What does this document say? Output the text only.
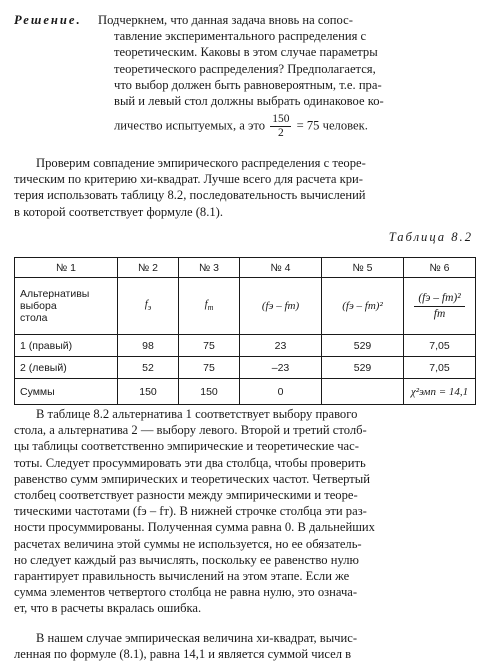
Решение. Подчеркнем, что данная задача вновь на сопос-
тавление экспериментального распределения с
теоретическим. Каковы в этом случае параметры
теоретического распределения? Предполагается,
что выбор должен быть равновероятным, т.е. пра-
вый и левый стол должны выбрать одинаковое ко-
личество испытуемых, а это $\frac{150}{2} = 75$ человек.
Проверим совпадение эмпирического распределения с теоре-
тическим по критерию хи-квадрат. Лучше всего для расчета кри-
терия использовать таблицу 8.2, последовательность вычислений
в которой соответствует формуле (8.1).
Таблица 8.2
№ 1	№ 2	№ 3	№ 4	№ 5	№ 6

Альтернативы
выбора
стола	$f_э$	$f_т$	(fэ – fт)	(fэ – fт)²	(fэ – fт)²
fт

1 (правый)	98	75	23	529	7,05
2 (левый)	52	75	–23	529	7,05
Суммы	150	150	0		χ²эмп = 14,1
В таблице 8.2 альтернатива 1 соответствует выбору правого
стола, а альтернатива 2 — выбору левого. Второй и третий столб-
цы таблицы соответственно эмпирические и теоретические час-
тоты. Следует просуммировать эти два столбца, чтобы проверить
равенство сумм эмпирических и теоретических частот. Четвертый
столбец соответствует разности между эмпирическими и теоре-
тическими частотами (fэ – fт). В нижней строчке столбца эти раз-
ности просуммированы. Полученная сумма равна 0. В дальнейших
расчетах величина этой суммы не используется, но ее обязатель-
но следует каждый раз вычислять, поскольку ее равенство нулю
гарантирует правильность вычислений на этом этапе. Если же
сумма элементов четвертого столбца не равна нулю, это означа-
ет, что в расчеты вкралась ошибка.
В нашем случае эмпирическая величина хи-квадрат, вычис-
ленная по формуле (8.1), равна 14,1 и является суммой чисел в
